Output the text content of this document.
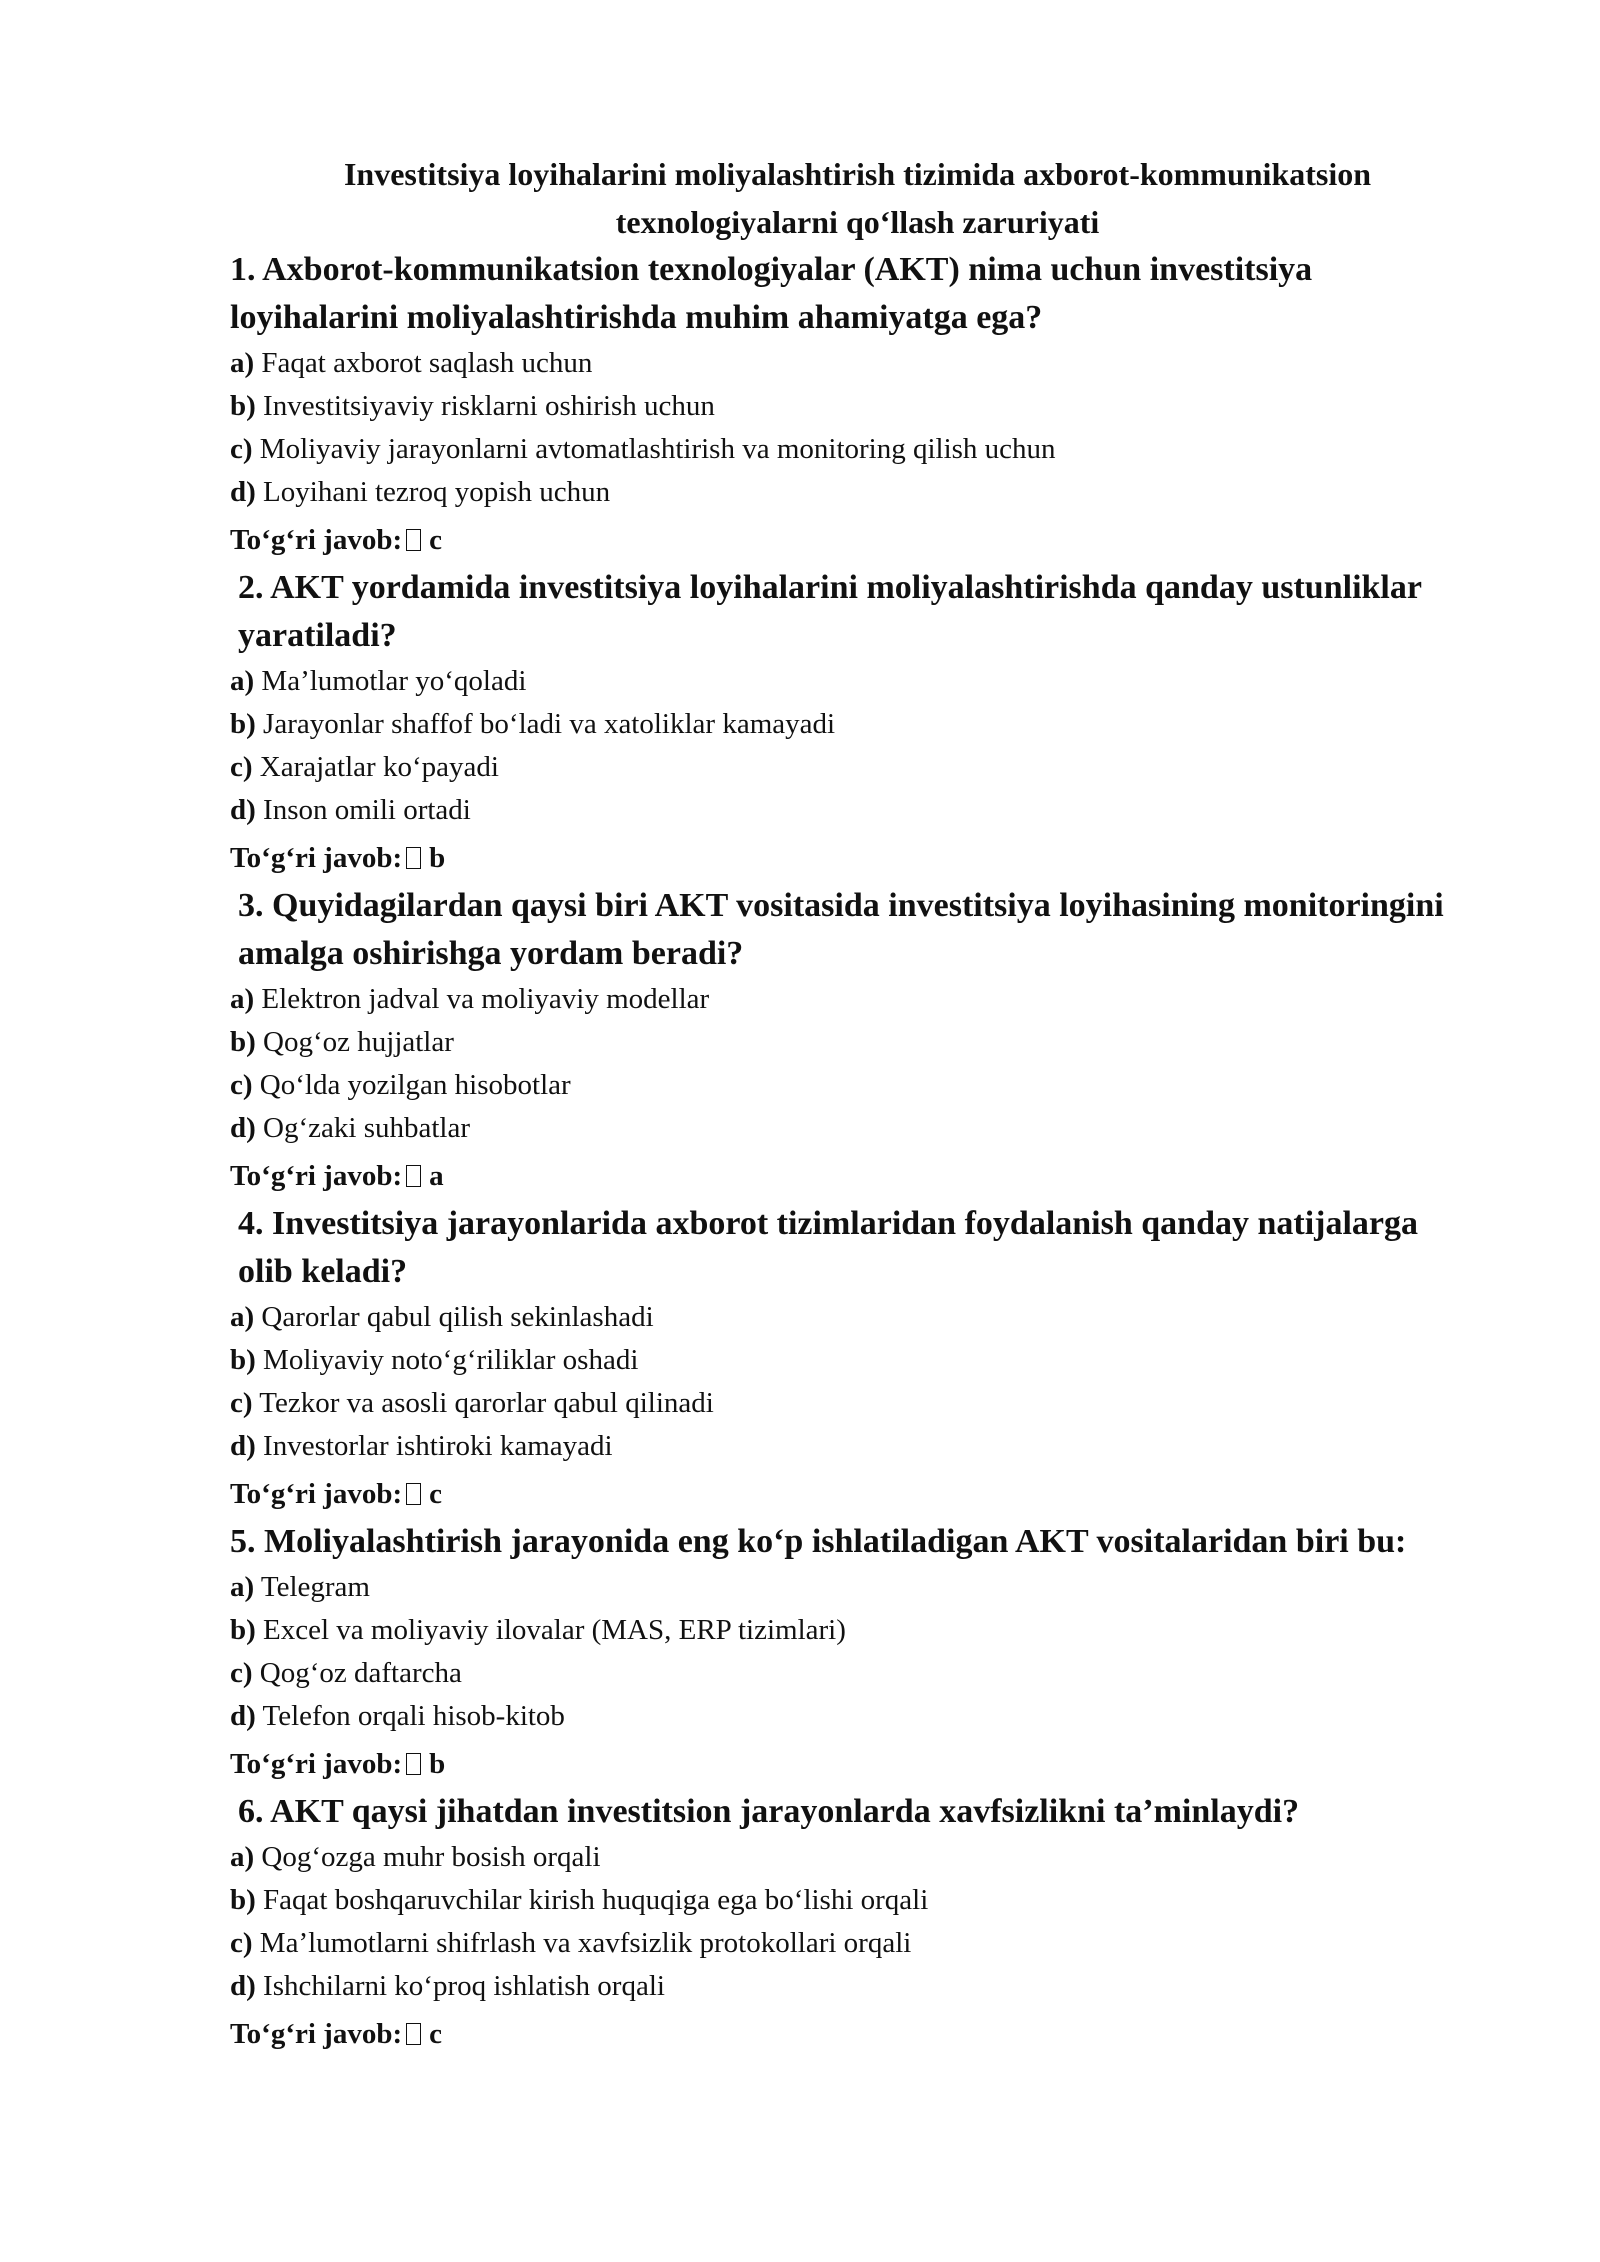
Investitsiya loyihalarini moliyalashtirish tizimida axborot-kommunikatsion
texnologiyalarni qo‘llash zaruriyati

1. Axborot-kommunikatsion texnologiyalar (AKT) nima uchun investitsiya loyihalarini moliyalashtirishda muhim ahamiyatga ega?

a) Faqat axborot saqlash uchun

b) Investitsiyaviy risklarni oshirish uchun

c) Moliyaviy jarayonlarni avtomatlashtirish va monitoring qilish uchun

d) Loyihani tezroq yopish uchun

To‘g‘ri javob: c

2. AKT yordamida investitsiya loyihalarini moliyalashtirishda qanday ustunliklar yaratiladi?

a) Ma’lumotlar yo‘qoladi

b) Jarayonlar shaffof bo‘ladi va xatoliklar kamayadi

c) Xarajatlar ko‘payadi

d) Inson omili ortadi

To‘g‘ri javob: b

3. Quyidagilardan qaysi biri AKT vositasida investitsiya loyihasining monitoringini amalga oshirishga yordam beradi?

a) Elektron jadval va moliyaviy modellar

b) Qog‘oz hujjatlar

c) Qo‘lda yozilgan hisobotlar

d) Og‘zaki suhbatlar

To‘g‘ri javob: a

4. Investitsiya jarayonlarida axborot tizimlaridan foydalanish qanday natijalarga olib keladi?

a) Qarorlar qabul qilish sekinlashadi

b) Moliyaviy noto‘g‘riliklar oshadi

c) Tezkor va asosli qarorlar qabul qilinadi

d) Investorlar ishtiroki kamayadi

To‘g‘ri javob: c

5. Moliyalashtirish jarayonida eng ko‘p ishlatiladigan AKT vositalaridan biri bu:

a) Telegram

b) Excel va moliyaviy ilovalar (MAS, ERP tizimlari)

c) Qog‘oz daftarcha

d) Telefon orqali hisob-kitob

To‘g‘ri javob: b

6. AKT qaysi jihatdan investitsion jarayonlarda xavfsizlikni ta’minlaydi?

a) Qog‘ozga muhr bosish orqali

b) Faqat boshqaruvchilar kirish huquqiga ega bo‘lishi orqali

c) Ma’lumotlarni shifrlash va xavfsizlik protokollari orqali

d) Ishchilarni ko‘proq ishlatish orqali

To‘g‘ri javob: c
